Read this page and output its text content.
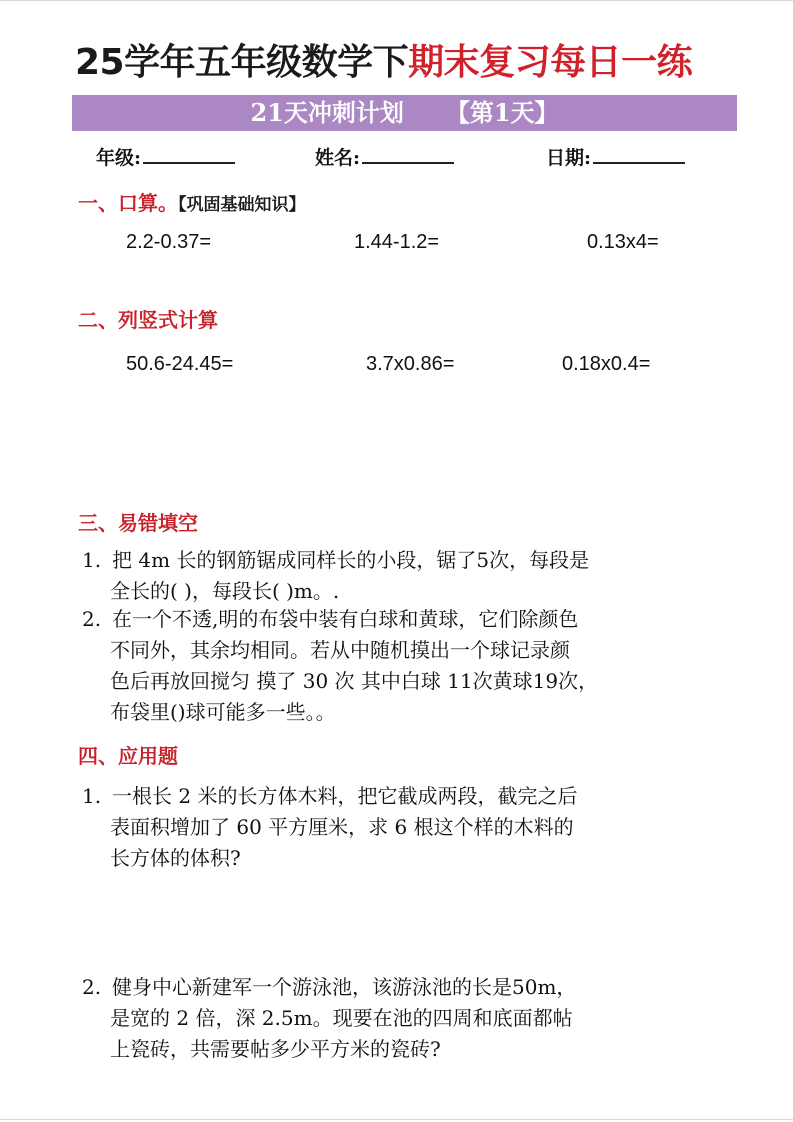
25学年五年级数学下期末复习每日一练
21天冲刺计划 【第1天】
年级:	姓名:	日期:
一、口算。【巩固基础知识】
2.2-0.37=	1.44-1.2=	0.13x4=
二、列竖式计算
50.6-24.45=	3.7x0.86=	0.18x0.4=
三、易错填空
1. 把 4m 长的钢筋锯成同样长的小段，锯了5次，每段是
全长的( )，每段长( )m。.
2. 在一个不透,明的布袋中装有白球和黄球，它们除颜色
不同外，其余均相同。若从中随机摸出一个球记录颜
色后再放回搅匀 摸了 30 次 其中白球 11次黄球19次，
布袋里()球可能多一些。。
四、应用题
1. 一根长 2 米的长方体木料，把它截成两段，截完之后
表面积增加了 60 平方厘米，求 6 根这个样的木料的
长方体的体积?
2. 健身中心新建军一个游泳池，该游泳池的长是50m，
是宽的 2 倍，深 2.5m。现要在池的四周和底面都帖
上瓷砖，共需要帖多少平方米的瓷砖?
